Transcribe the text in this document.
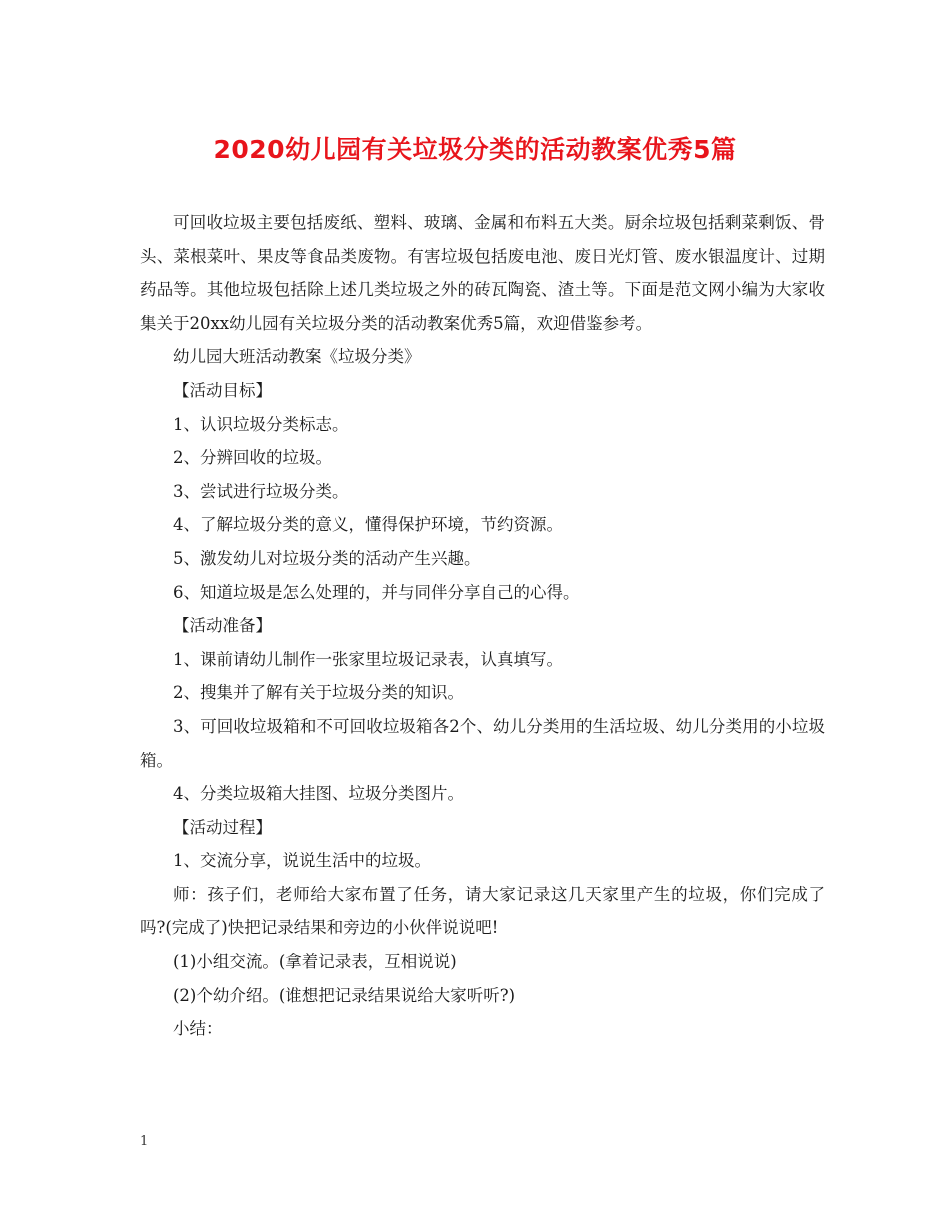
2020幼儿园有关垃圾分类的活动教案优秀5篇

可回收垃圾主要包括废纸、塑料、玻璃、金属和布料五大类。厨余垃圾包括剩菜剩饭、骨头、菜根菜叶、果皮等食品类废物。有害垃圾包括废电池、废日光灯管、废水银温度计、过期药品等。其他垃圾包括除上述几类垃圾之外的砖瓦陶瓷、渣土等。下面是范文网小编为大家收集关于20xx幼儿园有关垃圾分类的活动教案优秀5篇，欢迎借鉴参考。

幼儿园大班活动教案《垃圾分类》

【活动目标】

1、认识垃圾分类标志。

2、分辨回收的垃圾。

3、尝试进行垃圾分类。

4、了解垃圾分类的意义，懂得保护环境，节约资源。

5、激发幼儿对垃圾分类的活动产生兴趣。

6、知道垃圾是怎么处理的，并与同伴分享自己的心得。

【活动准备】

1、课前请幼儿制作一张家里垃圾记录表，认真填写。

2、搜集并了解有关于垃圾分类的知识。

3、可回收垃圾箱和不可回收垃圾箱各2个、幼儿分类用的生活垃圾、幼儿分类用的小垃圾箱。

4、分类垃圾箱大挂图、垃圾分类图片。

【活动过程】

1、交流分享，说说生活中的垃圾。

师：孩子们，老师给大家布置了任务，请大家记录这几天家里产生的垃圾，你们完成了吗?(完成了)快把记录结果和旁边的小伙伴说说吧!

(1)小组交流。(拿着记录表，互相说说)

(2)个幼介绍。(谁想把记录结果说给大家听听?)

小结：

1
